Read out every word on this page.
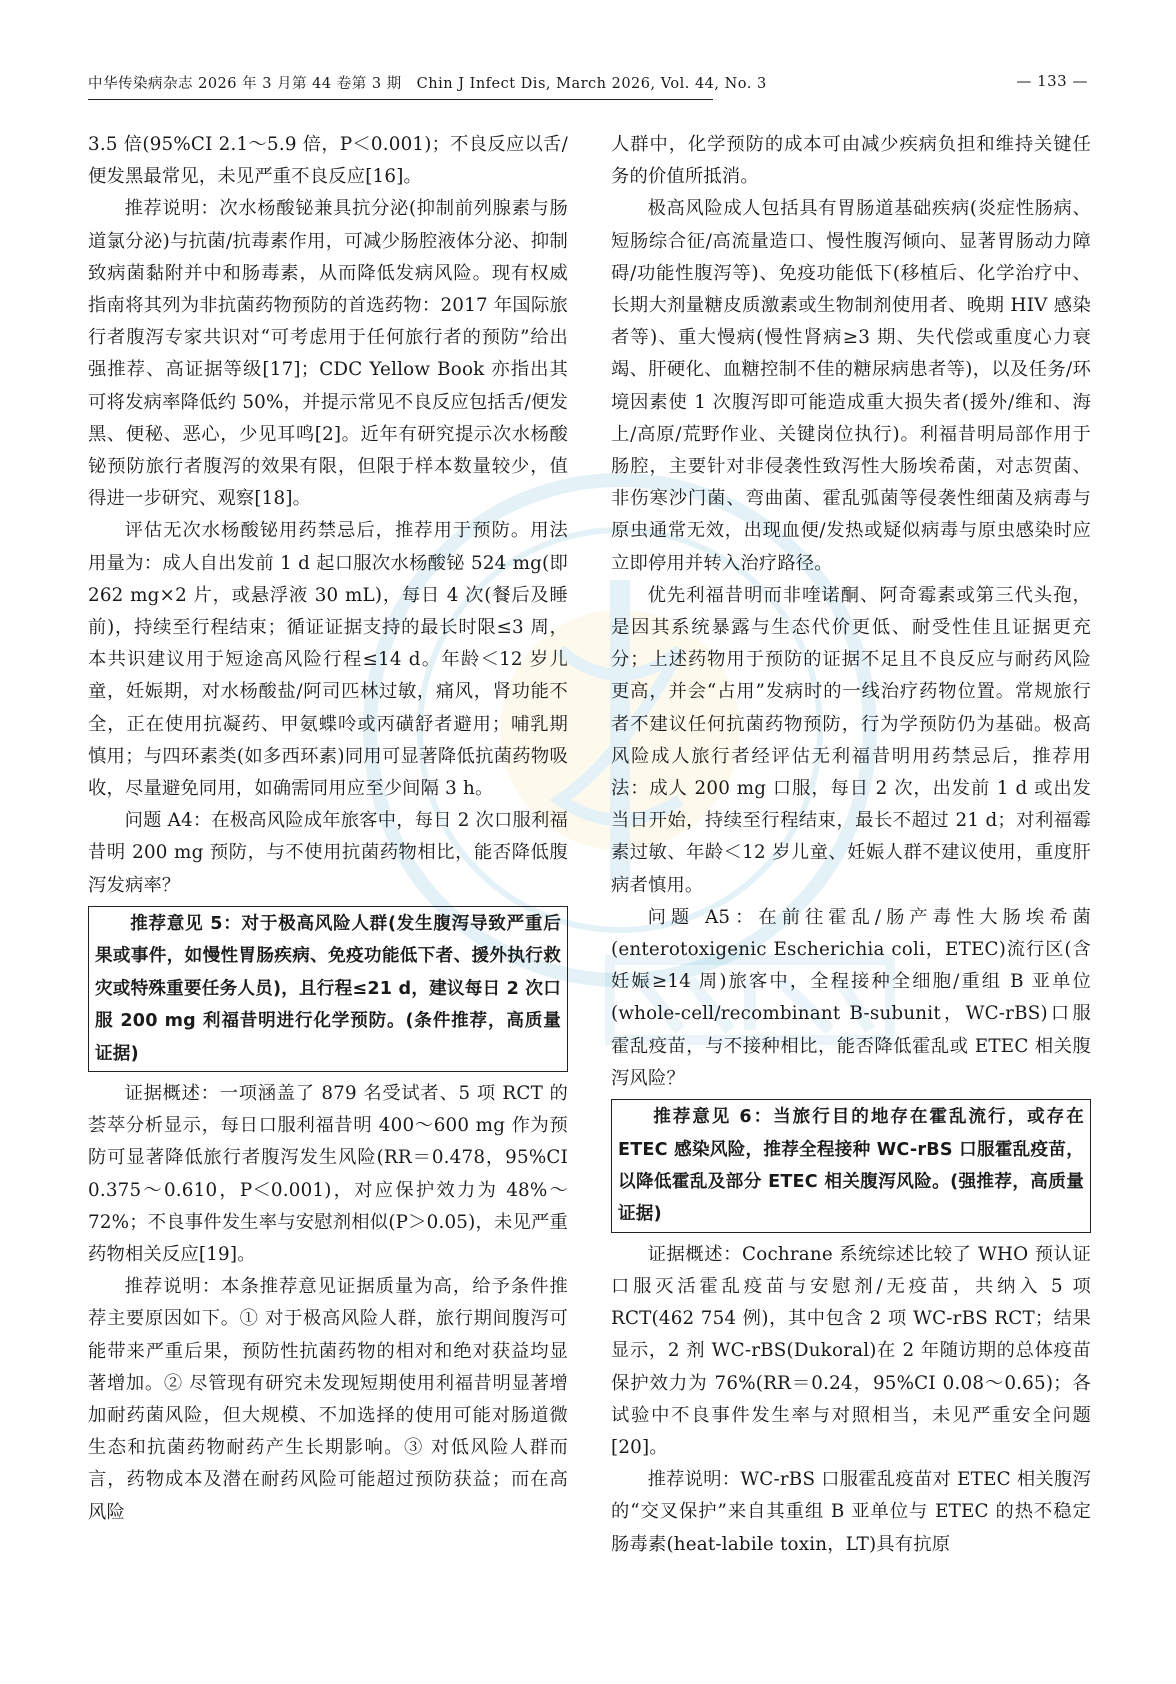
中华传染病杂志 2026 年 3 月第 44 卷第 3 期　Chin J Infect Dis, March 2026, Vol. 44, No. 3	— 133 —

3.5 倍(95%CI 2.1～5.9 倍，P＜0.001)；不良反应以舌/便发黑最常见，未见严重不良反应[16]。

推荐说明：次水杨酸铋兼具抗分泌(抑制前列腺素与肠道氯分泌)与抗菌/抗毒素作用，可减少肠腔液体分泌、抑制致病菌黏附并中和肠毒素，从而降低发病风险。现有权威指南将其列为非抗菌药物预防的首选药物：2017 年国际旅行者腹泻专家共识对“可考虑用于任何旅行者的预防”给出强推荐、高证据等级[17]；CDC Yellow Book 亦指出其可将发病率降低约 50%，并提示常见不良反应包括舌/便发黑、便秘、恶心，少见耳鸣[2]。近年有研究提示次水杨酸铋预防旅行者腹泻的效果有限，但限于样本数量较少，值得进一步研究、观察[18]。

评估无次水杨酸铋用药禁忌后，推荐用于预防。用法用量为：成人自出发前 1 d 起口服次水杨酸铋 524 mg(即 262 mg×2 片，或悬浮液 30 mL)，每日 4 次(餐后及睡前)，持续至行程结束；循证证据支持的最长时限≤3 周，本共识建议用于短途高风险行程≤14 d。年龄＜12 岁儿童，妊娠期，对水杨酸盐/阿司匹林过敏，痛风，肾功能不全，正在使用抗凝药、甲氨蝶呤或丙磺舒者避用；哺乳期慎用；与四环素类(如多西环素)同用可显著降低抗菌药物吸收，尽量避免同用，如确需同用应至少间隔 3 h。

问题 A4：在极高风险成年旅客中，每日 2 次口服利福昔明 200 mg 预防，与不使用抗菌药物相比，能否降低腹泻发病率？

推荐意见 5：对于极高风险人群(发生腹泻导致严重后果或事件，如慢性胃肠疾病、免疫功能低下者、援外执行救灾或特殊重要任务人员)，且行程≤21 d，建议每日 2 次口服 200 mg 利福昔明进行化学预防。(条件推荐，高质量证据)

证据概述：一项涵盖了 879 名受试者、5 项 RCT 的荟萃分析显示，每日口服利福昔明 400～600 mg 作为预防可显著降低旅行者腹泻发生风险(RR＝0.478，95%CI 0.375～0.610，P＜0.001)，对应保护效力为 48%～72%；不良事件发生率与安慰剂相似(P＞0.05)，未见严重药物相关反应[19]。

推荐说明：本条推荐意见证据质量为高，给予条件推荐主要原因如下。① 对于极高风险人群，旅行期间腹泻可能带来严重后果，预防性抗菌药物的相对和绝对获益均显著增加。② 尽管现有研究未发现短期使用利福昔明显著增加耐药菌风险，但大规模、不加选择的使用可能对肠道微生态和抗菌药物耐药产生长期影响。③ 对低风险人群而言，药物成本及潜在耐药风险可能超过预防获益；而在高风险

人群中，化学预防的成本可由减少疾病负担和维持关键任务的价值所抵消。

极高风险成人包括具有胃肠道基础疾病(炎症性肠病、短肠综合征/高流量造口、慢性腹泻倾向、显著胃肠动力障碍/功能性腹泻等)、免疫功能低下(移植后、化学治疗中、长期大剂量糖皮质激素或生物制剂使用者、晚期 HIV 感染者等)、重大慢病(慢性肾病≥3 期、失代偿或重度心力衰竭、肝硬化、血糖控制不佳的糖尿病患者等)，以及任务/环境因素使 1 次腹泻即可能造成重大损失者(援外/维和、海上/高原/荒野作业、关键岗位执行)。利福昔明局部作用于肠腔，主要针对非侵袭性致泻性大肠埃希菌，对志贺菌、非伤寒沙门菌、弯曲菌、霍乱弧菌等侵袭性细菌及病毒与原虫通常无效，出现血便/发热或疑似病毒与原虫感染时应立即停用并转入治疗路径。

优先利福昔明而非喹诺酮、阿奇霉素或第三代头孢，是因其系统暴露与生态代价更低、耐受性佳且证据更充分；上述药物用于预防的证据不足且不良反应与耐药风险更高，并会“占用”发病时的一线治疗药物位置。常规旅行者不建议任何抗菌药物预防，行为学预防仍为基础。极高风险成人旅行者经评估无利福昔明用药禁忌后，推荐用法：成人 200 mg 口服，每日 2 次，出发前 1 d 或出发当日开始，持续至行程结束，最长不超过 21 d；对利福霉素过敏、年龄＜12 岁儿童、妊娠人群不建议使用，重度肝病者慎用。

问题 A5：在前往霍乱/肠产毒性大肠埃希菌(enterotoxigenic Escherichia coli，ETEC)流行区(含妊娠≥14 周)旅客中，全程接种全细胞/重组 B 亚单位(whole-cell/recombinant B-subunit，WC-rBS)口服霍乱疫苗，与不接种相比，能否降低霍乱或 ETEC 相关腹泻风险？

推荐意见 6：当旅行目的地存在霍乱流行，或存在 ETEC 感染风险，推荐全程接种 WC-rBS 口服霍乱疫苗，以降低霍乱及部分 ETEC 相关腹泻风险。(强推荐，高质量证据)

证据概述：Cochrane 系统综述比较了 WHO 预认证口服灭活霍乱疫苗与安慰剂/无疫苗，共纳入 5 项 RCT(462 754 例)，其中包含 2 项 WC-rBS RCT；结果显示，2 剂 WC-rBS(Dukoral)在 2 年随访期的总体疫苗保护效力为 76%(RR＝0.24，95%CI 0.08～0.65)；各试验中不良事件发生率与对照相当，未见严重安全问题[20]。

推荐说明：WC-rBS 口服霍乱疫苗对 ETEC 相关腹泻的“交叉保护”来自其重组 B 亚单位与 ETEC 的热不稳定肠毒素(heat-labile toxin，LT)具有抗原
